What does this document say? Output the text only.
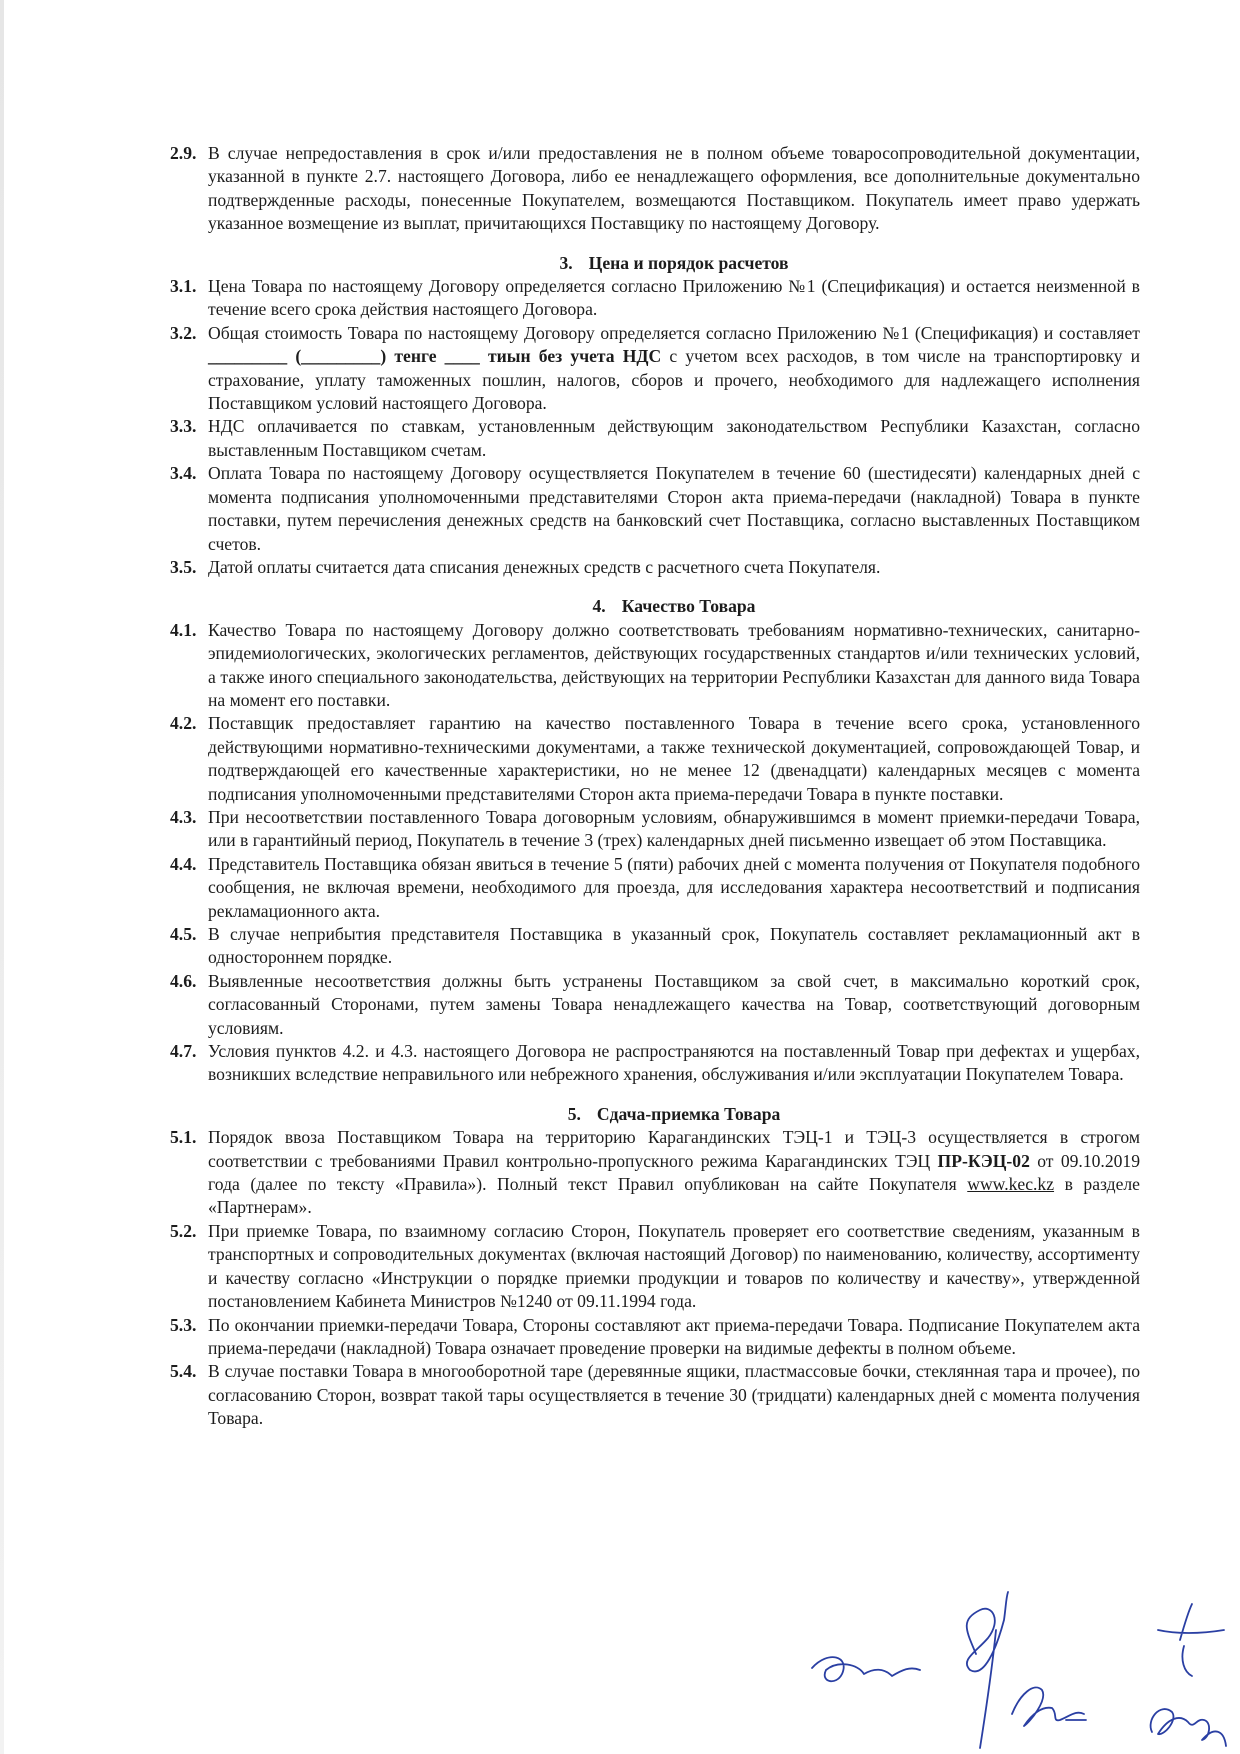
2.9. В случае непредоставления в срок и/или предоставления не в полном объеме товаросопроводительной документации, указанной в пункте 2.7. настоящего Договора, либо ее ненадлежащего оформления, все дополнительные документально подтвержденные расходы, понесенные Покупателем, возмещаются Поставщиком. Покупатель имеет право удержать указанное возмещение из выплат, причитающихся Поставщику по настоящему Договору.
3. Цена и порядок расчетов
3.1. Цена Товара по настоящему Договору определяется согласно Приложению №1 (Спецификация) и остается неизменной в течение всего срока действия настоящего Договора.
3.2. Общая стоимость Товара по настоящему Договору определяется согласно Приложению №1 (Спецификация) и составляет _________ (_________) тенге ____ тиын без учета НДС с учетом всех расходов, в том числе на транспортировку и страхование, уплату таможенных пошлин, налогов, сборов и прочего, необходимого для надлежащего исполнения Поставщиком условий настоящего Договора.
3.3. НДС оплачивается по ставкам, установленным действующим законодательством Республики Казахстан, согласно выставленным Поставщиком счетам.
3.4. Оплата Товара по настоящему Договору осуществляется Покупателем в течение 60 (шестидесяти) календарных дней с момента подписания уполномоченными представителями Сторон акта приема-передачи (накладной) Товара в пункте поставки, путем перечисления денежных средств на банковский счет Поставщика, согласно выставленных Поставщиком счетов.
3.5. Датой оплаты считается дата списания денежных средств с расчетного счета Покупателя.
4. Качество Товара
4.1. Качество Товара по настоящему Договору должно соответствовать требованиям нормативно-технических, санитарно-эпидемиологических, экологических регламентов, действующих государственных стандартов и/или технических условий, а также иного специального законодательства, действующих на территории Республики Казахстан для данного вида Товара на момент его поставки.
4.2. Поставщик предоставляет гарантию на качество поставленного Товара в течение всего срока, установленного действующими нормативно-техническими документами, а также технической документацией, сопровождающей Товар, и подтверждающей его качественные характеристики, но не менее 12 (двенадцати) календарных месяцев с момента подписания уполномоченными представителями Сторон акта приема-передачи Товара в пункте поставки.
4.3. При несоответствии поставленного Товара договорным условиям, обнаружившимся в момент приемки-передачи Товара, или в гарантийный период, Покупатель в течение 3 (трех) календарных дней письменно извещает об этом Поставщика.
4.4. Представитель Поставщика обязан явиться в течение 5 (пяти) рабочих дней с момента получения от Покупателя подобного сообщения, не включая времени, необходимого для проезда, для исследования характера несоответствий и подписания рекламационного акта.
4.5. В случае неприбытия представителя Поставщика в указанный срок, Покупатель составляет рекламационный акт в одностороннем порядке.
4.6. Выявленные несоответствия должны быть устранены Поставщиком за свой счет, в максимально короткий срок, согласованный Сторонами, путем замены Товара ненадлежащего качества на Товар, соответствующий договорным условиям.
4.7. Условия пунктов 4.2. и 4.3. настоящего Договора не распространяются на поставленный Товар при дефектах и ущербах, возникших вследствие неправильного или небрежного хранения, обслуживания и/или эксплуатации Покупателем Товара.
5. Сдача-приемка Товара
5.1. Порядок ввоза Поставщиком Товара на территорию Карагандинских ТЭЦ-1 и ТЭЦ-3 осуществляется в строгом соответствии с требованиями Правил контрольно-пропускного режима Карагандинских ТЭЦ ПР-КЭЦ-02 от 09.10.2019 года (далее по тексту «Правила»). Полный текст Правил опубликован на сайте Покупателя www.kec.kz в разделе «Партнерам».
5.2. При приемке Товара, по взаимному согласию Сторон, Покупатель проверяет его соответствие сведениям, указанным в транспортных и сопроводительных документах (включая настоящий Договор) по наименованию, количеству, ассортименту и качеству согласно «Инструкции о порядке приемки продукции и товаров по количеству и качеству», утвержденной постановлением Кабинета Министров №1240 от 09.11.1994 года.
5.3. По окончании приемки-передачи Товара, Стороны составляют акт приема-передачи Товара. Подписание Покупателем акта приема-передачи (накладной) Товара означает проведение проверки на видимые дефекты в полном объеме.
5.4. В случае поставки Товара в многооборотной таре (деревянные ящики, пластмассовые бочки, стеклянная тара и прочее), по согласованию Сторон, возврат такой тары осуществляется в течение 30 (тридцати) календарных дней с момента получения Товара.
